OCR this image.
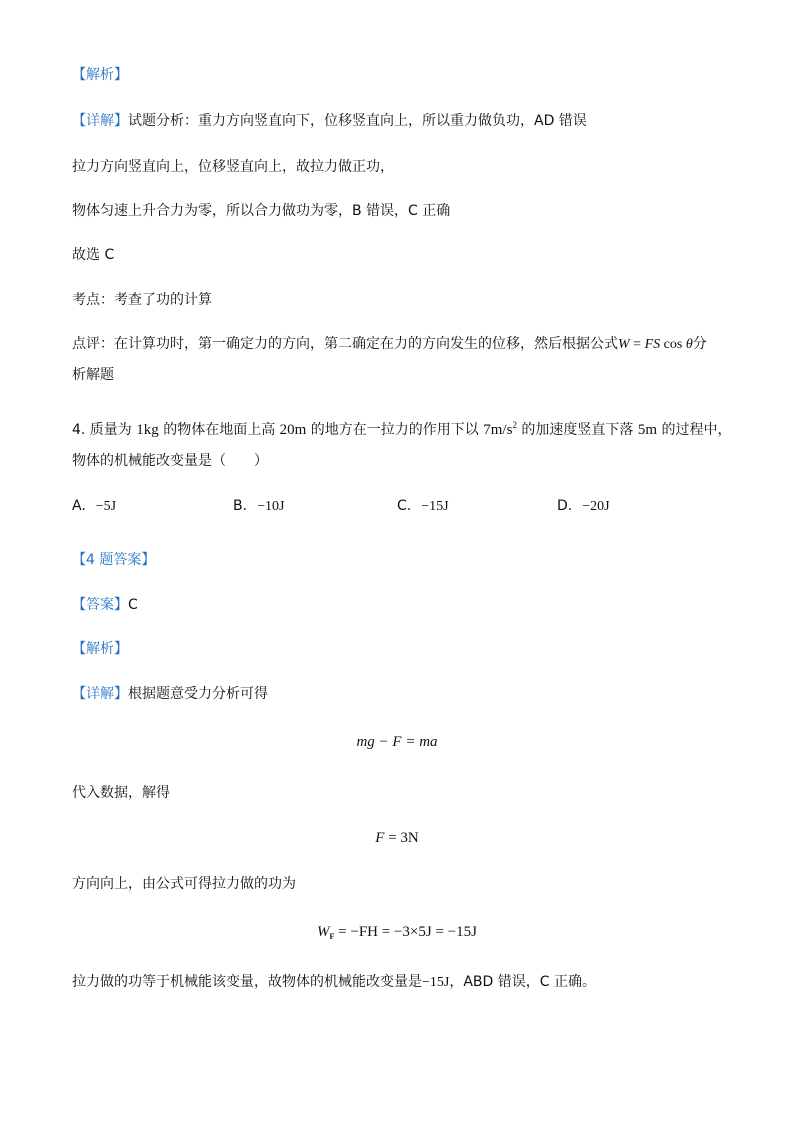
【解析】
【详解】试题分析：重力方向竖直向下，位移竖直向上，所以重力做负功，AD 错误
拉力方向竖直向上，位移竖直向上，故拉力做正功，
物体匀速上升合力为零，所以合力做功为零，B 错误，C 正确
故选 C
考点：考查了功的计算
点评：在计算功时，第一确定力的方向，第二确定在力的方向发生的位移，然后根据公式W = FS cos θ分
析解题
4. 质量为 1kg 的物体在地面上高 20m 的地方在一拉力的作用下以 $7m/s^2$ 的加速度竖直下落 5m 的过程中，
物体的机械能改变量是（　　）
A. −5J	B. −10J	C. −15J	D. −20J
【4 题答案】
【答案】C
【解析】
【详解】根据题意受力分析可得
mg − F = ma
代入数据，解得
F = 3N
方向向上，由公式可得拉力做的功为
$W_F = -FH = -3\times 5J = -15J$
拉力做的功等于机械能该变量，故物体的机械能改变量是−15J，ABD 错误，C 正确。
